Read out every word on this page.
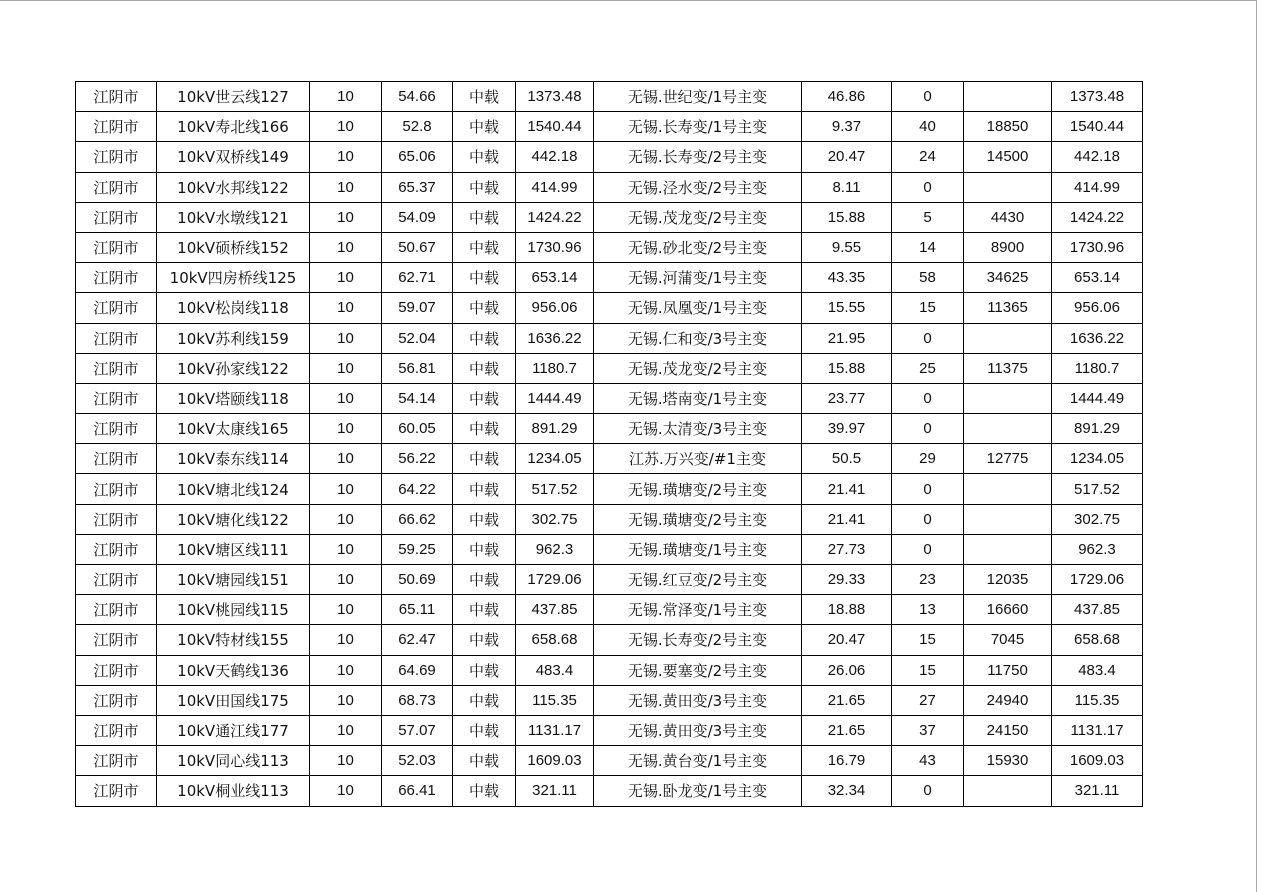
江阴市	10kV世云线127	10	54.66	中载	1373.48	无锡.世纪变/1号主变	46.86	0		1373.48
江阴市	10kV寿北线166	10	52.8	中载	1540.44	无锡.长寿变/1号主变	9.37	40	18850	1540.44
江阴市	10kV双桥线149	10	65.06	中载	442.18	无锡.长寿变/2号主变	20.47	24	14500	442.18
江阴市	10kV水邦线122	10	65.37	中载	414.99	无锡.泾水变/2号主变	8.11	0		414.99
江阴市	10kV水墩线121	10	54.09	中载	1424.22	无锡.茂龙变/2号主变	15.88	5	4430	1424.22
江阴市	10kV硕桥线152	10	50.67	中载	1730.96	无锡.砂北变/2号主变	9.55	14	8900	1730.96
江阴市	10kV四房桥线125	10	62.71	中载	653.14	无锡.河蒲变/1号主变	43.35	58	34625	653.14
江阴市	10kV松岗线118	10	59.07	中载	956.06	无锡.凤凰变/1号主变	15.55	15	11365	956.06
江阴市	10kV苏利线159	10	52.04	中载	1636.22	无锡.仁和变/3号主变	21.95	0		1636.22
江阴市	10kV孙家线122	10	56.81	中载	1180.7	无锡.茂龙变/2号主变	15.88	25	11375	1180.7
江阴市	10kV塔颐线118	10	54.14	中载	1444.49	无锡.塔南变/1号主变	23.77	0		1444.49
江阴市	10kV太康线165	10	60.05	中载	891.29	无锡.太清变/3号主变	39.97	0		891.29
江阴市	10kV泰东线114	10	56.22	中载	1234.05	江苏.万兴变/#1主变	50.5	29	12775	1234.05
江阴市	10kV塘北线124	10	64.22	中载	517.52	无锡.璜塘变/2号主变	21.41	0		517.52
江阴市	10kV塘化线122	10	66.62	中载	302.75	无锡.璜塘变/2号主变	21.41	0		302.75
江阴市	10kV塘区线111	10	59.25	中载	962.3	无锡.璜塘变/1号主变	27.73	0		962.3
江阴市	10kV塘园线151	10	50.69	中载	1729.06	无锡.红豆变/2号主变	29.33	23	12035	1729.06
江阴市	10kV桃园线115	10	65.11	中载	437.85	无锡.常泽变/1号主变	18.88	13	16660	437.85
江阴市	10kV特材线155	10	62.47	中载	658.68	无锡.长寿变/2号主变	20.47	15	7045	658.68
江阴市	10kV天鹤线136	10	64.69	中载	483.4	无锡.要塞变/2号主变	26.06	15	11750	483.4
江阴市	10kV田国线175	10	68.73	中载	115.35	无锡.黄田变/3号主变	21.65	27	24940	115.35
江阴市	10kV通江线177	10	57.07	中载	1131.17	无锡.黄田变/3号主变	21.65	37	24150	1131.17
江阴市	10kV同心线113	10	52.03	中载	1609.03	无锡.黄台变/1号主变	16.79	43	15930	1609.03
江阴市	10kV桐业线113	10	66.41	中载	321.11	无锡.卧龙变/1号主变	32.34	0		321.11
